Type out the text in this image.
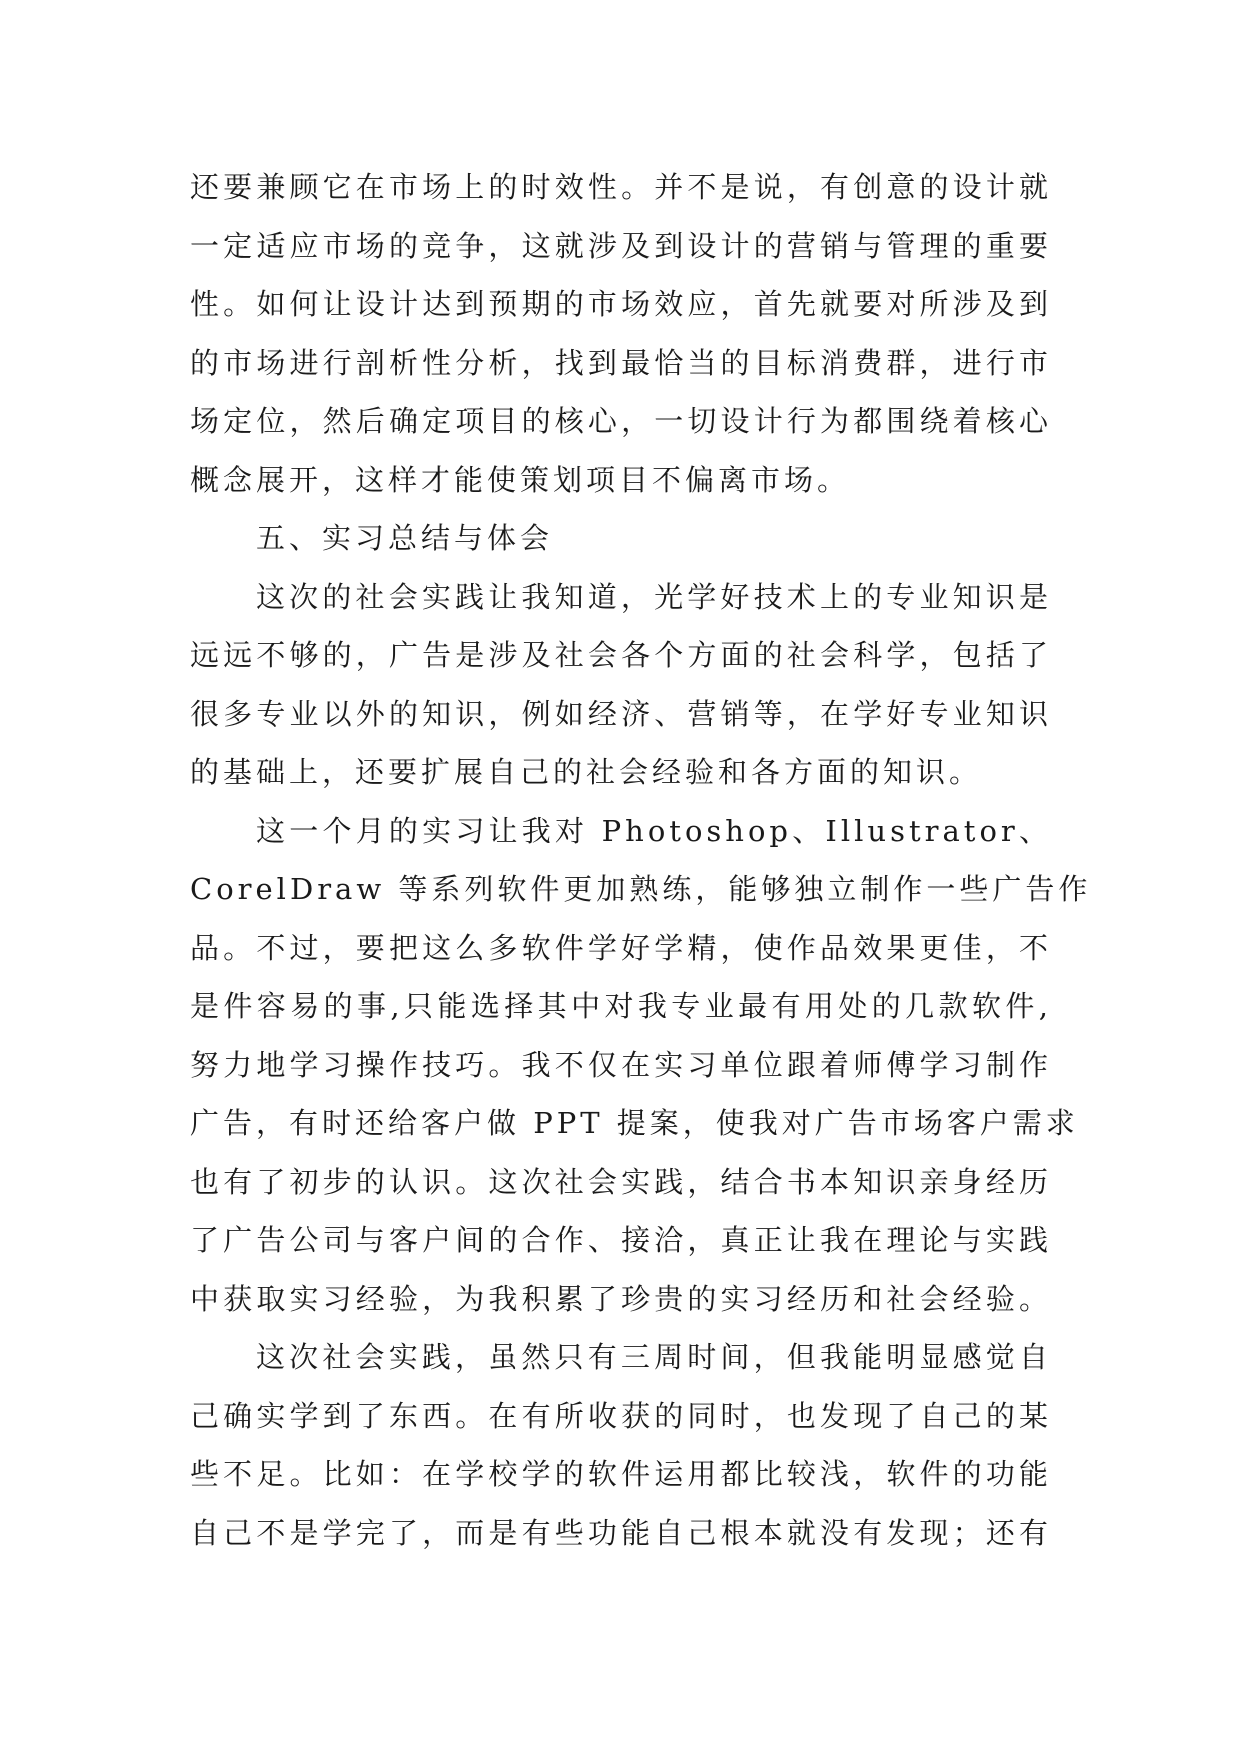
还要兼顾它在市场上的时效性。并不是说，有创意的设计就
一定适应市场的竞争，这就涉及到设计的营销与管理的重要
性。如何让设计达到预期的市场效应，首先就要对所涉及到
的市场进行剖析性分析，找到最恰当的目标消费群，进行市
场定位，然后确定项目的核心，一切设计行为都围绕着核心
概念展开，这样才能使策划项目不偏离市场。
五、实习总结与体会
这次的社会实践让我知道，光学好技术上的专业知识是
远远不够的，广告是涉及社会各个方面的社会科学，包括了
很多专业以外的知识，例如经济、营销等，在学好专业知识
的基础上，还要扩展自己的社会经验和各方面的知识。
这一个月的实习让我对 Photoshop、Illustrator、
CorelDraw 等系列软件更加熟练，能够独立制作一些广告作
品。不过，要把这么多软件学好学精，使作品效果更佳，不
是件容易的事,只能选择其中对我专业最有用处的几款软件,
努力地学习操作技巧。我不仅在实习单位跟着师傅学习制作
广告，有时还给客户做 PPT 提案，使我对广告市场客户需求
也有了初步的认识。这次社会实践，结合书本知识亲身经历
了广告公司与客户间的合作、接洽，真正让我在理论与实践
中获取实习经验，为我积累了珍贵的实习经历和社会经验。
这次社会实践，虽然只有三周时间，但我能明显感觉自
己确实学到了东西。在有所收获的同时，也发现了自己的某
些不足。比如：在学校学的软件运用都比较浅，软件的功能
自己不是学完了，而是有些功能自己根本就没有发现；还有
